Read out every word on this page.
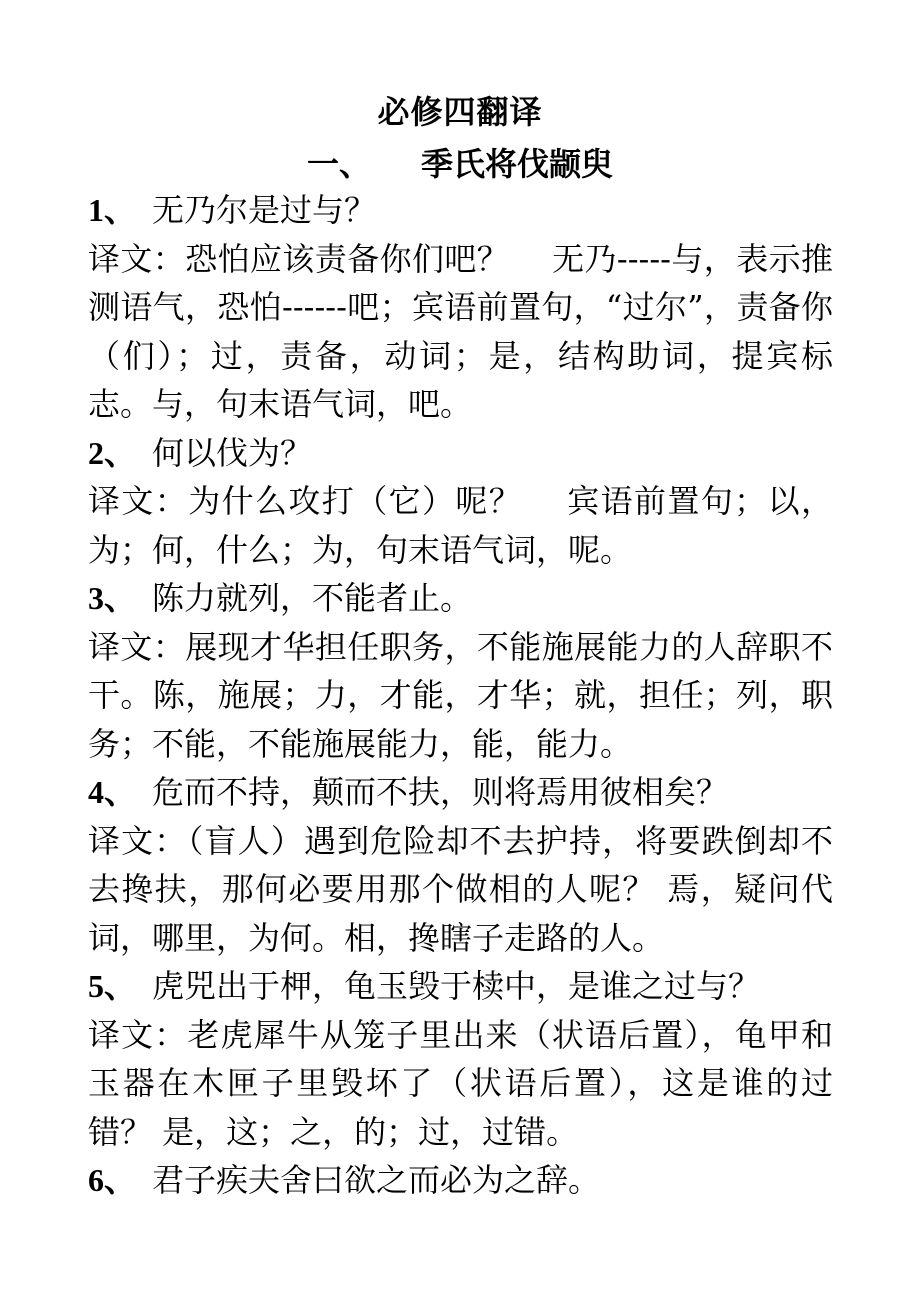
必修四翻译
一、 季氏将伐颛臾
1、 无乃尔是过与？
译文：恐怕应该责备你们吧？　 无乃-----与，表示推测语气，恐怕------吧；宾语前置句，“过尔”，责备你（们）；过，责备，动词；是，结构助词，提宾标志。与，句末语气词，吧。
2、 何以伐为？
译文：为什么攻打（它）呢？　 宾语前置句；以，为；何，什么；为，句末语气词，呢。
3、 陈力就列，不能者止。
译文：展现才华担任职务，不能施展能力的人辞职不干。陈，施展；力，才能，才华；就，担任；列，职务；不能，不能施展能力，能，能力。
4、 危而不持，颠而不扶，则将焉用彼相矣？
译文：（盲人）遇到危险却不去护持，将要跌倒却不去搀扶，那何必要用那个做相的人呢？ 焉，疑问代词，哪里，为何。相，搀瞎子走路的人。
5、 虎兕出于柙，龟玉毁于椟中，是谁之过与？
译文：老虎犀牛从笼子里出来（状语后置），龟甲和玉器在木匣子里毁坏了（状语后置），这是谁的过错？ 是，这；之，的；过，过错。
6、 君子疾夫舍曰欲之而必为之辞。
